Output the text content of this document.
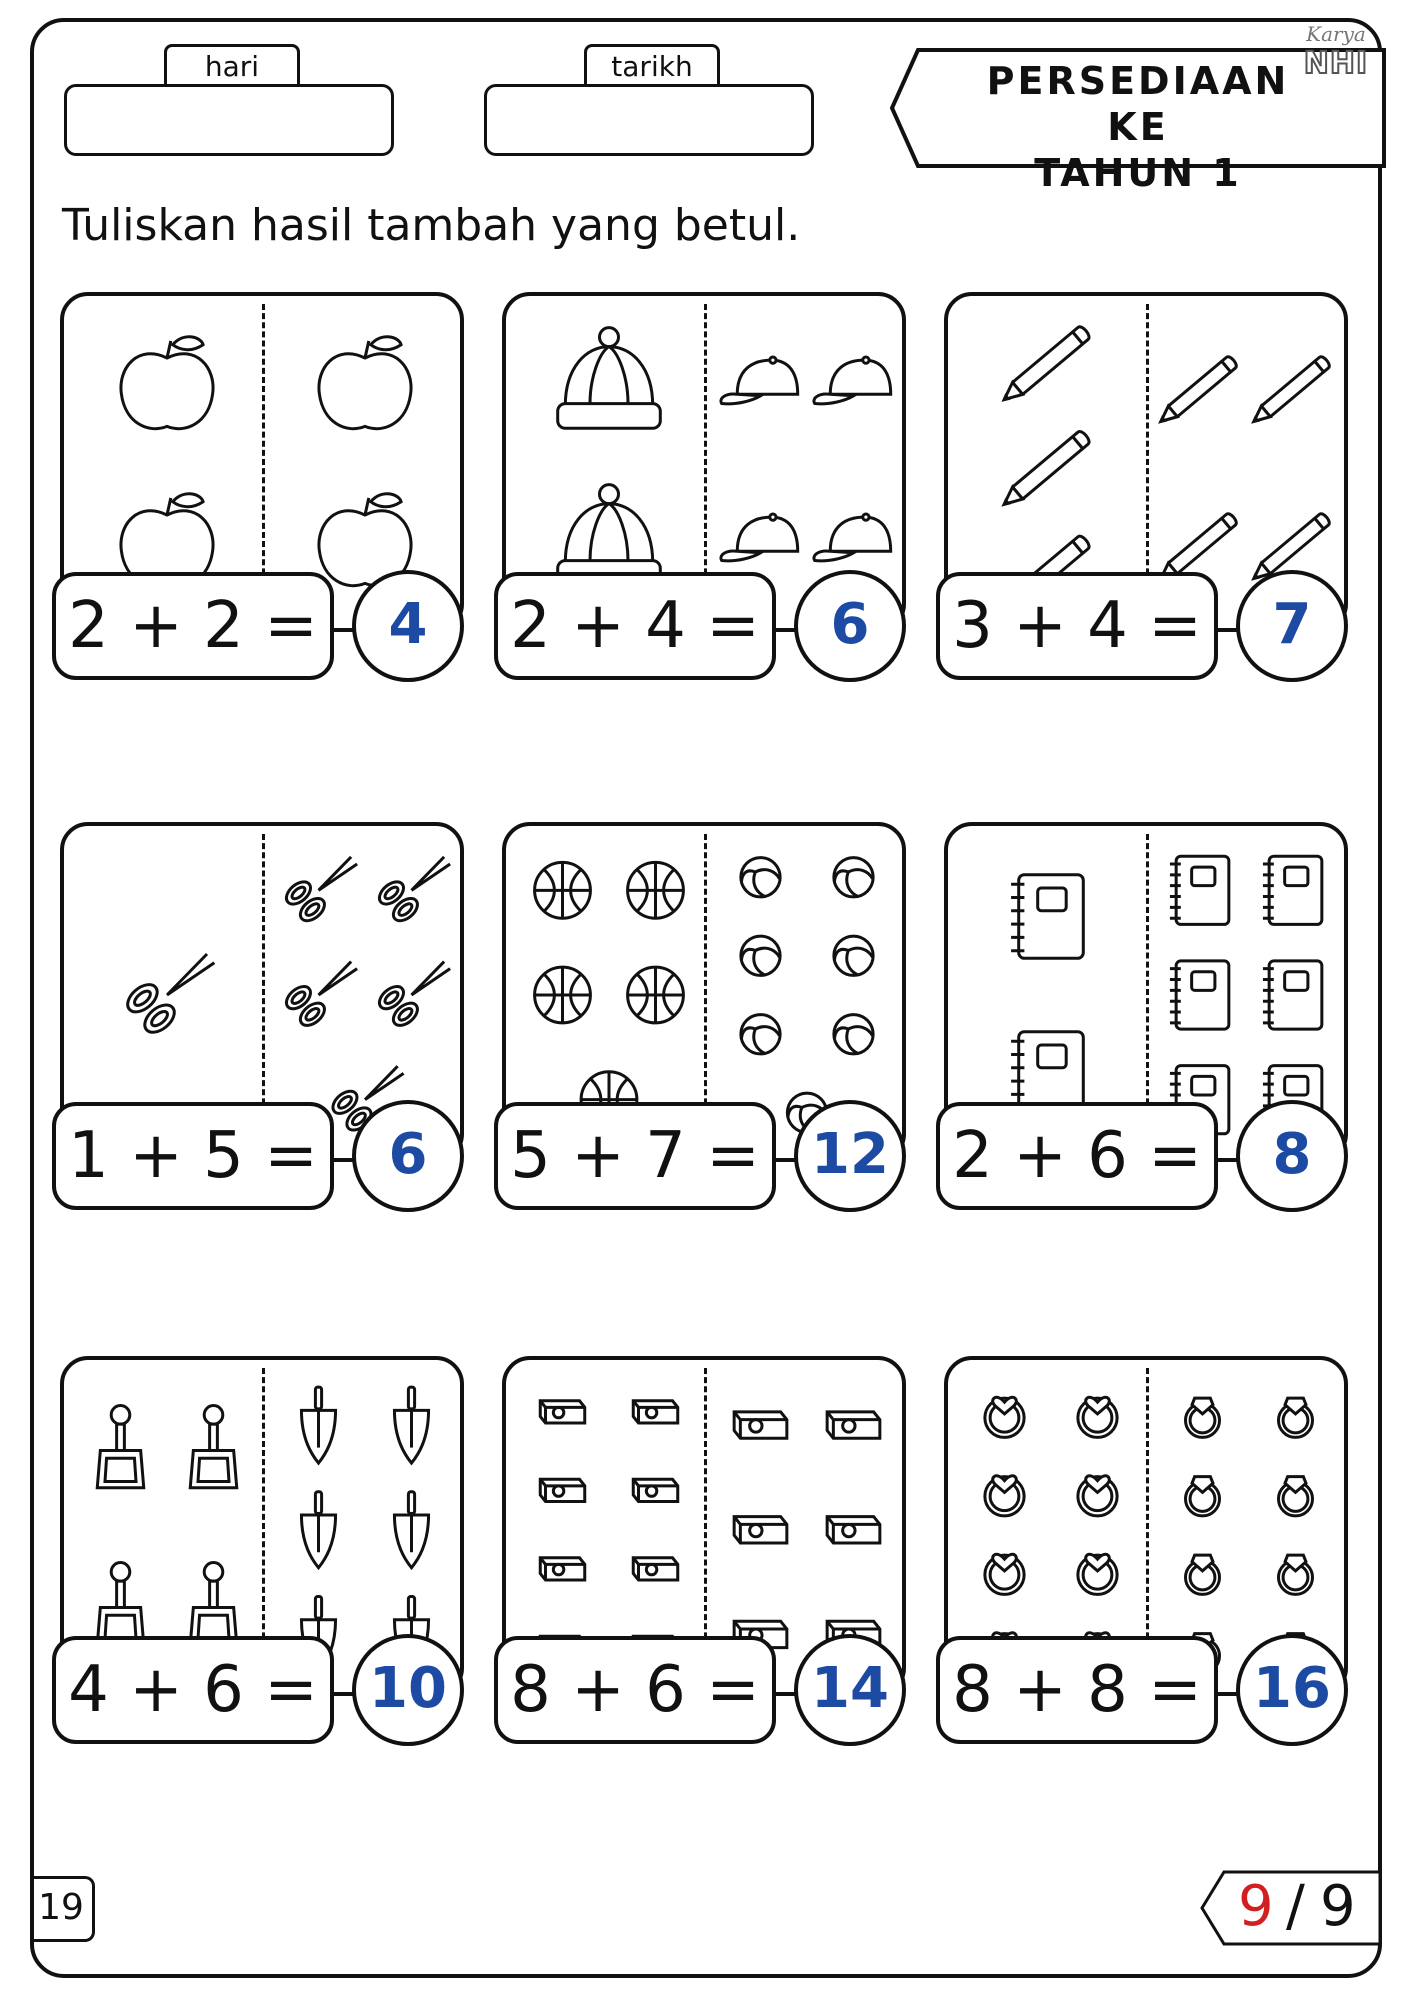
hari	tarikh	PERSEDIAAN KE
TAHUN 1
Karya
NHI
Tuliskan hasil tambah yang betul.
2 + 2 =	4	2 + 4 =	6	3 + 4 =	7
1 + 5 =	6	5 + 7 = 12 2 + 6 =	8
4 + 6 = 10 8 + 6 = 14 8 + 8 = 16
19	9 / 9
